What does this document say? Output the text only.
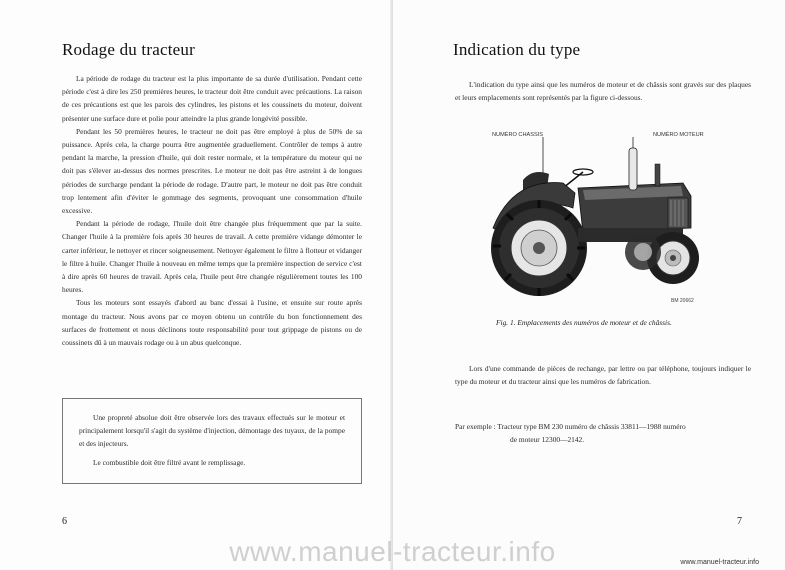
Rodage du tracteur

La période de rodage du tracteur est la plus importante de sa durée d'utilisation. Pendant cette période c'est à dire les 250 premières heures, le tracteur doit être conduit avec précautions. La raison de ces précautions est que les parois des cylindres, les pistons et les coussinets du moteur, doivent présenter une surface dure et polie pour atteindre la plus grande longévité possible.

Pendant les 50 premières heures, le tracteur ne doit pas être employé à plus de 50% de sa puissance. Après cela, la charge pourra être augmentée graduellement. Contrôler de temps à autre pendant la marche, la pression d'huile, qui doit rester normale, et la température du moteur qui ne doit pas s'élever au-dessus des normes prescrites. Le moteur ne doit pas être astreint à de longues périodes de surcharge pendant la période de rodage. D'autre part, le moteur ne doit pas être conduit trop lentement afin d'éviter le gommage des segments, provoquant une consommation d'huile excessive.

Pendant la période de rodage, l'huile doit être changée plus fréquemment que par la suite. Changer l'huile à la première fois après 30 heures de travail. A cette première vidange démonter le carter inférieur, le nettoyer et rincer soigneusement. Nettoyer également le filtre à flotteur et vidanger le filtre à huile. Changer l'huile à nouveau en même temps que la première inspection de service c'est à dire après 60 heures de travail. Après cela, l'huile peut être changée régulièrement toutes les 100 heures.

Tous les moteurs sont essayés d'abord au banc d'essai à l'usine, et ensuite sur route après montage du tracteur. Nous avons par ce moyen obtenu un contrôle du bon fonctionnement des surfaces de frottement et nous déclinons toute responsabilité pour tout grippage de pistons ou de coussinets dû à un mauvais rodage ou à un abus quelconque.

Une propreté absolue doit être observée lors des travaux effectués sur le moteur et principalement lorsqu'il s'agit du système d'injection, démontage des tuyaux, de la pompe et des injecteurs.

Le combustible doit être filtré avant le remplissage.

6
Indication du type

L'indication du type ainsi que les numéros de moteur et de châssis sont gravés sur des plaques et leurs emplacements sont représentés par la figure ci-dessous.

NUMÉRO CHASSIS	NUMÉRO MOTEUR
BM 20662
Fig. 1. Emplacements des numéros de moteur et de châssis.

Lors d'une commande de pièces de rechange, par lettre ou par téléphone, toujours indiquer le type du moteur et du tracteur ainsi que les numéros de fabrication.

7
Par exemple : Tracteur type BM 230 numéro de châssis 33811—1988 numéro
de moteur 12300—2142.
www.manuel-tracteur.info	www.manuel-tracteur.info
